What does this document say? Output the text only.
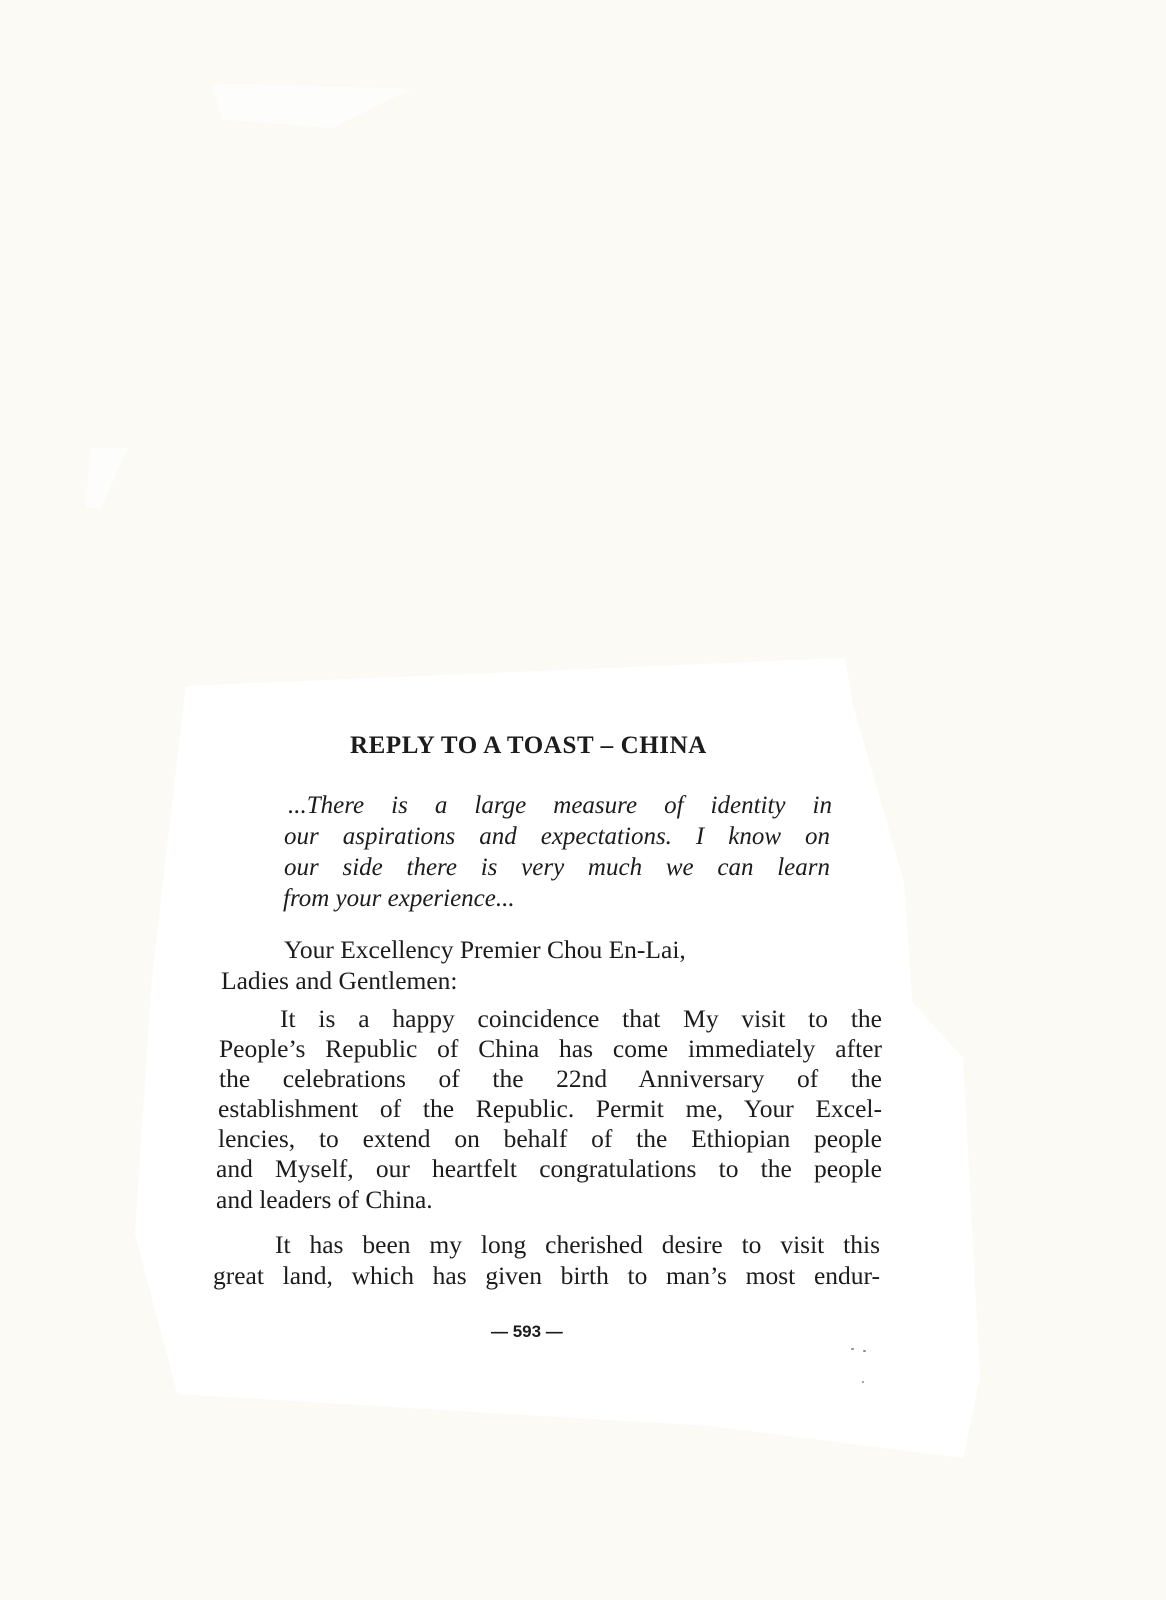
REPLY TO A TOAST – CHINA

...There is a large measure of identity in

our aspirations and expectations. I know on

our side there is very much we can learn

from your experience...

Your Excellency Premier Chou En-Lai,

Ladies and Gentlemen:

It is a happy coincidence that My visit to the

People’s Republic of China has come immediately after

the celebrations of the 22nd Anniversary of the

establishment of the Republic. Permit me, Your Excel-

lencies, to extend on behalf of the Ethiopian people

and Myself, our heartfelt congratulations to the people

and leaders of China.

It has been my long cherished desire to visit this

great land, which has given birth to man’s most endur-

— 593 —
